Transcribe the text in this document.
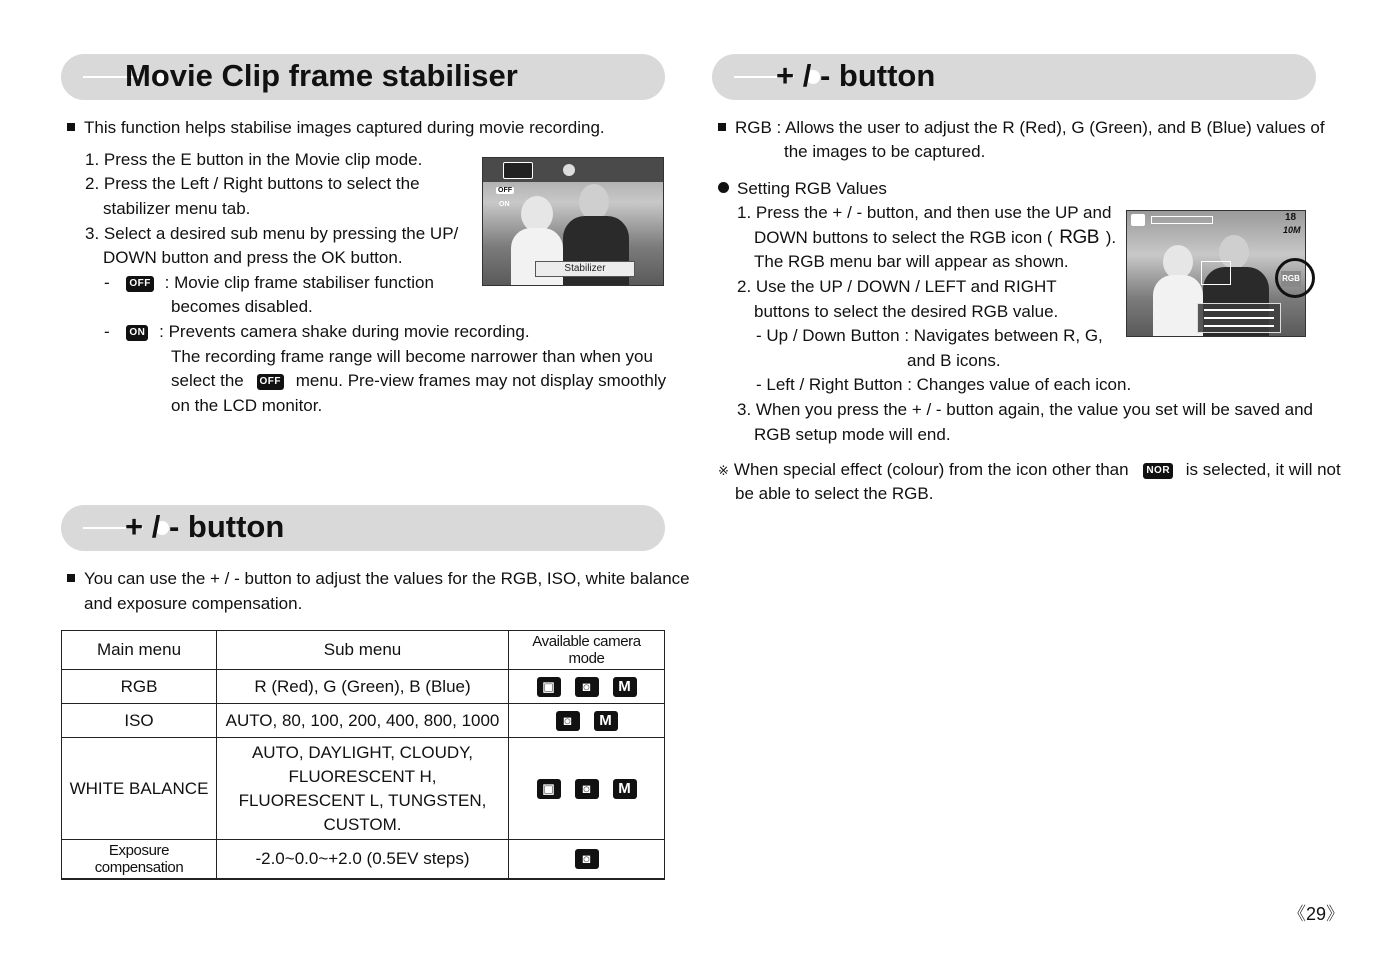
Movie Clip frame stabiliser
This function helps stabilise images captured during movie recording.
1. Press the E button in the Movie clip mode.
2. Press the Left / Right buttons to select the
stabilizer menu tab.
3. Select a desired sub menu by pressing the UP/
DOWN button and press the OK button.
- OFF : Movie clip frame stabiliser function
becomes disabled.
- ON : Prevents camera shake during movie recording.
The recording frame range will become narrower than when you
select the OFF menu. Pre-view frames may not display smoothly
on the LCD monitor.
OFF
ON
Stabilizer
+ / - button
You can use the + / - button to adjust the values for the RGB, ISO, white balance
and exposure compensation.
Main menu	Sub menu	Available camera mode
RGB	R (Red), G (Green), B (Blue)	▣ ◙ M
ISO	AUTO, 80, 100, 200, 400, 800, 1000	◙ M
WHITE BALANCE	AUTO, DAYLIGHT, CLOUDY,
FLUORESCENT H,
FLUORESCENT L, TUNGSTEN,
CUSTOM.	▣ ◙ M
Exposure compensation	-2.0~0.0~+2.0 (0.5EV steps)	◙
+ / - button
RGB : Allows the user to adjust the R (Red), G (Green), and B (Blue) values of
the images to be captured.
Setting RGB Values
1. Press the + / - button, and then use the UP and
DOWN buttons to select the RGB icon ( RGB ).
The RGB menu bar will appear as shown.
2. Use the UP / DOWN / LEFT and RIGHT
buttons to select the desired RGB value.
- Up / Down Button : Navigates between R, G,
and B icons.
- Left / Right Button : Changes value of each icon.
3. When you press the + / - button again, the value you set will be saved and
RGB setup mode will end.
※ When special effect (colour) from the icon other than NOR is selected, it will not
be able to select the RGB.
18
10M
RGB
《29》
